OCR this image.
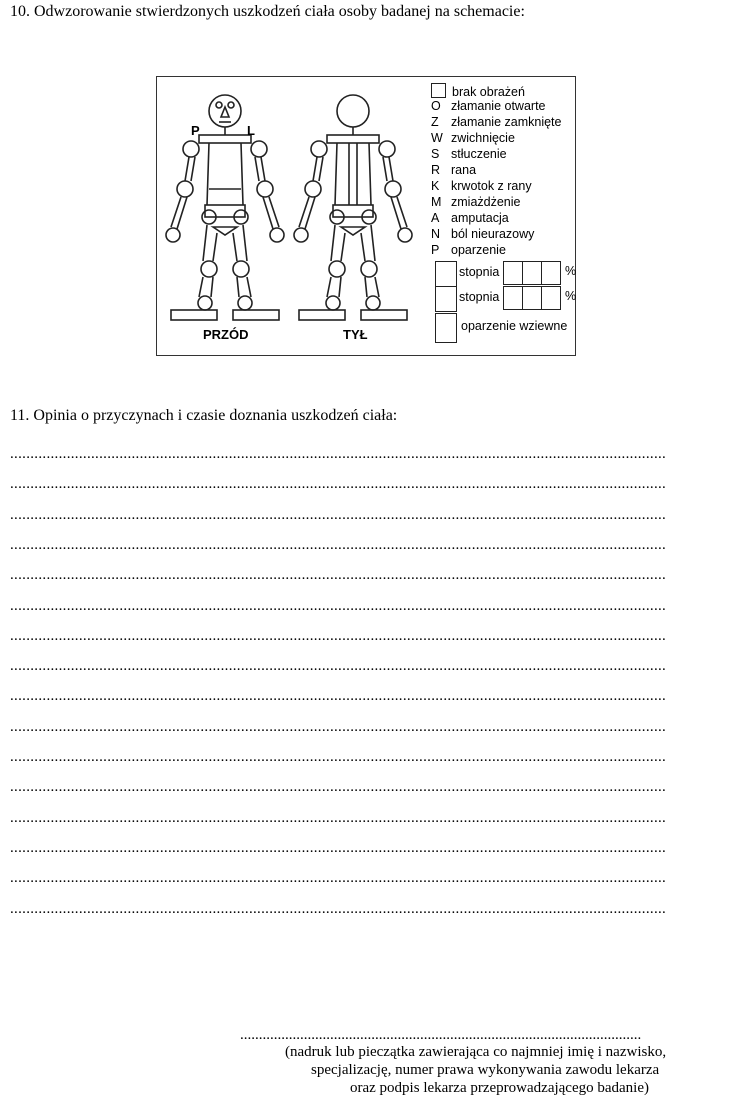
10. Odwzorowanie stwierdzonych uszkodzeń ciała osoby badanej na schemacie:
P	L
PRZÓD	TYŁ
brak obrażeń
O złamanie otwarte
Z złamanie zamknięte
W zwichnięcie
S stłuczenie
R rana
K krwotok z rany
M zmiażdżenie
A amputacja
N ból nieurazowy
P oparzenie
stopnia	%
stopnia	%
oparzenie wziewne
11. Opinia o przyczynach i czasie doznania uszkodzeń ciała:
..................................................................................................................................................................
..................................................................................................................................................................
..................................................................................................................................................................
..................................................................................................................................................................
..................................................................................................................................................................
..................................................................................................................................................................
..................................................................................................................................................................
..................................................................................................................................................................
..................................................................................................................................................................
..................................................................................................................................................................
..................................................................................................................................................................
..................................................................................................................................................................
..................................................................................................................................................................
..................................................................................................................................................................
..................................................................................................................................................................
..................................................................................................................................................................
...........................................................................................................
(nadruk lub pieczątka zawierająca co najmniej imię i nazwisko,
specjalizację, numer prawa wykonywania zawodu lekarza
oraz podpis lekarza przeprowadzającego badanie)
